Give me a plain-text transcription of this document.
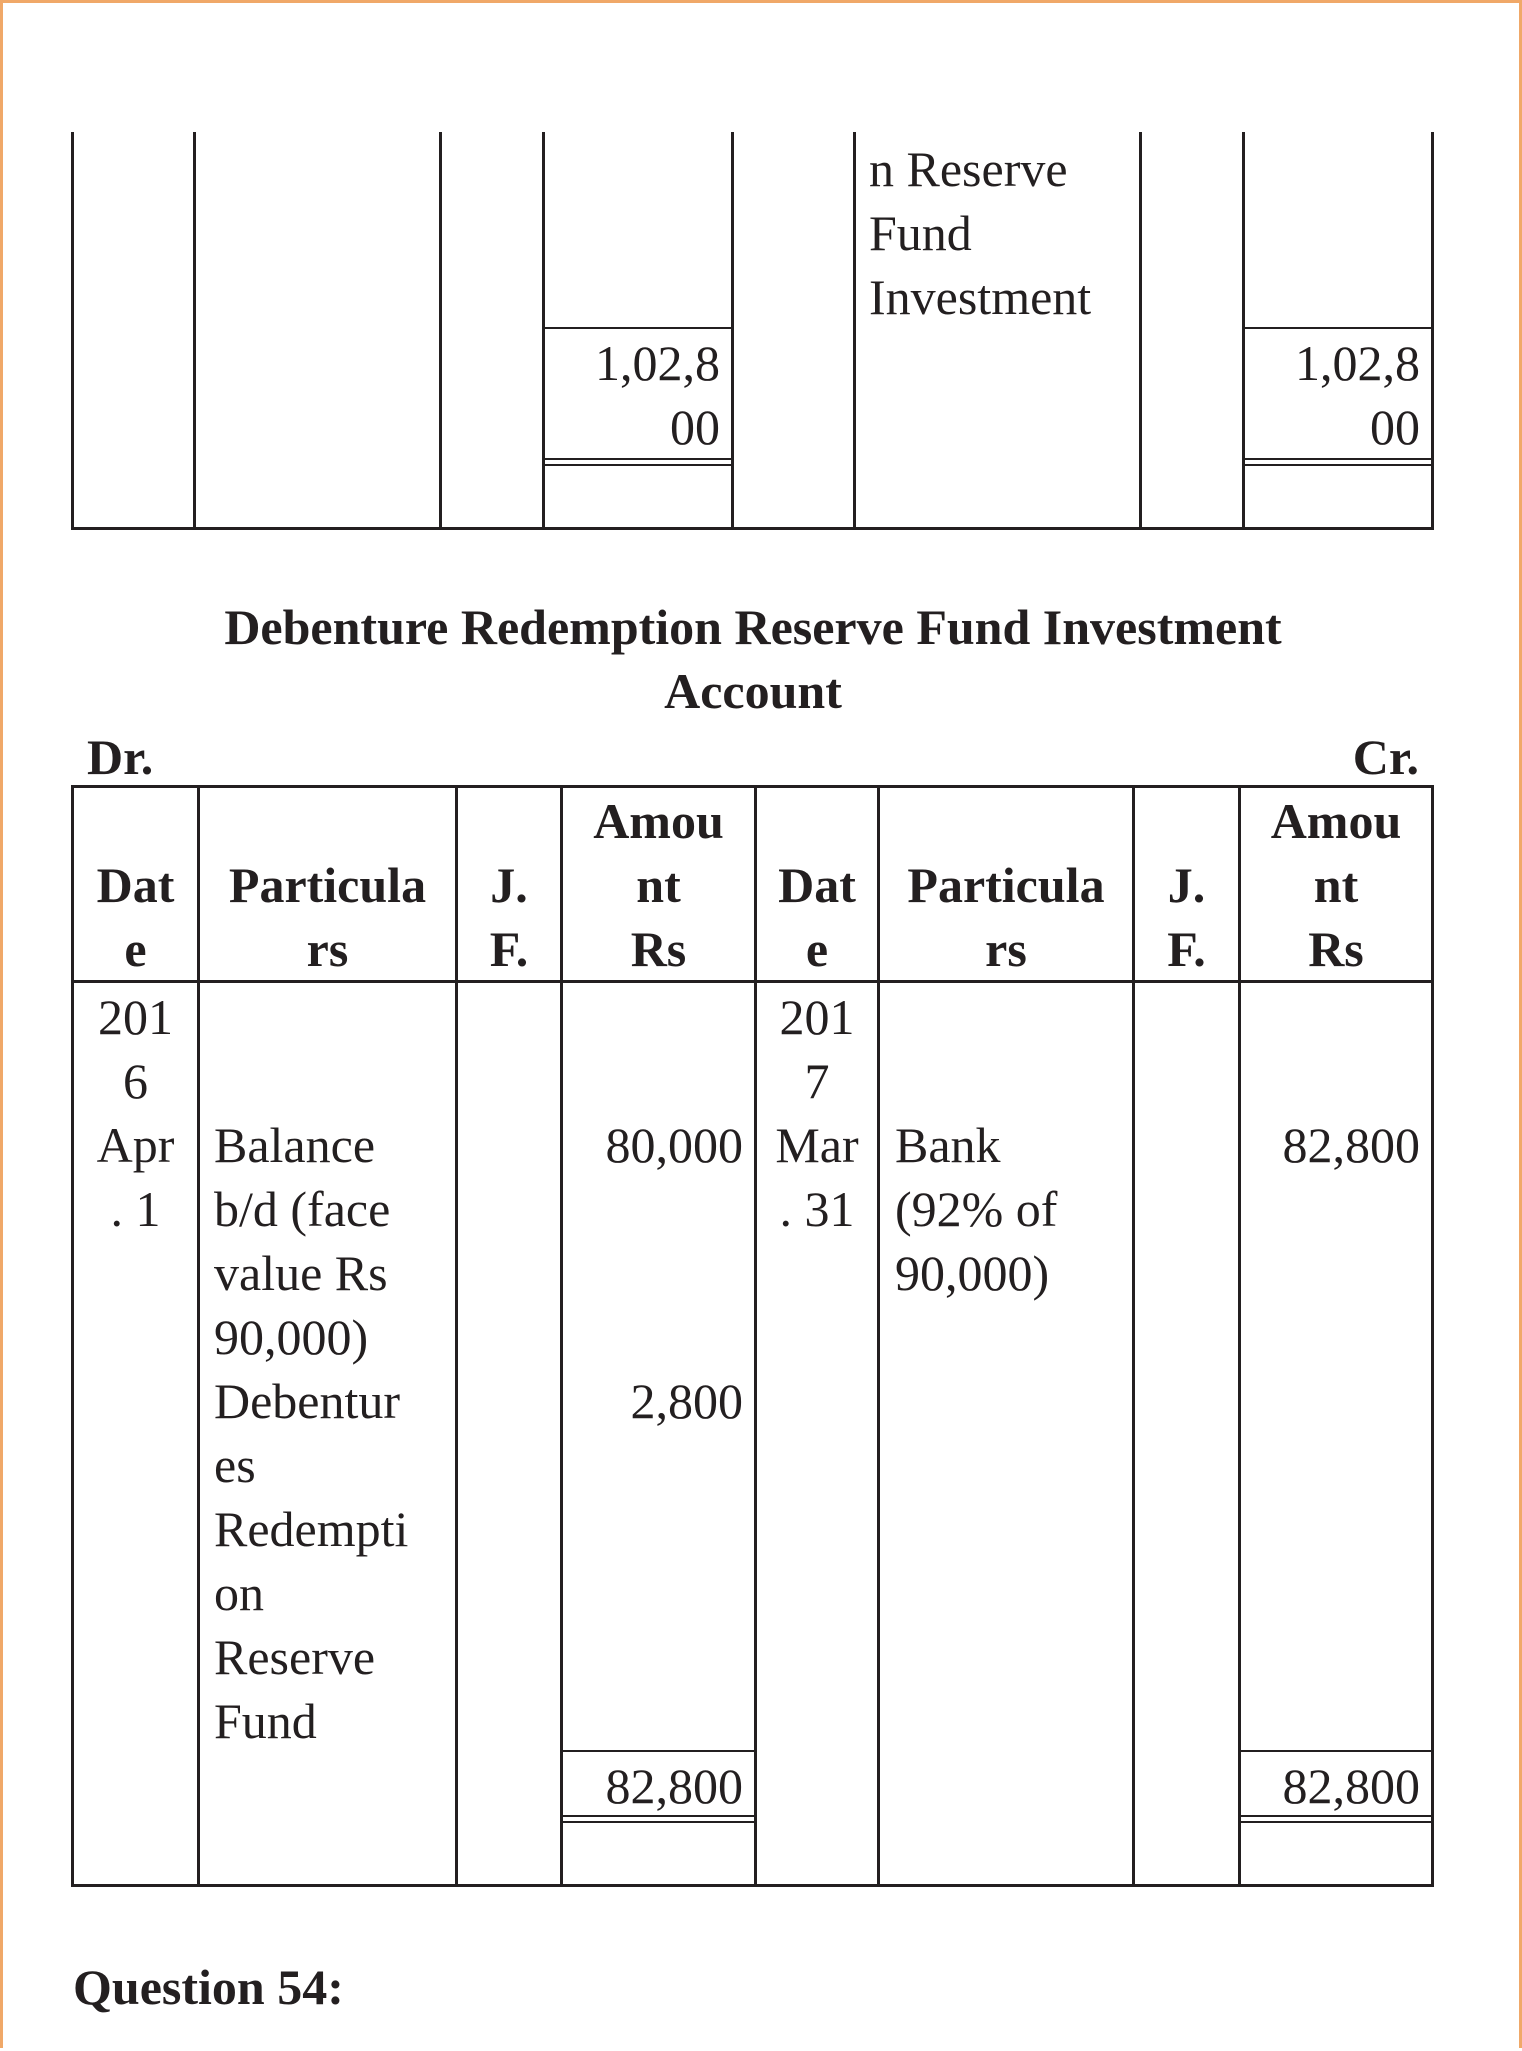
n Reserve
Fund
Investment
1,02,8
00
1,02,8
00
Debenture Redemption Reserve Fund Investment
Account
Dr.	Cr.
Dat
e
Particula
rs
J.
F.
Amou
nt
Rs
Dat
e
Particula
rs
J.
F.
Amou
nt
Rs
201
6
Apr
. 1
Balance
b/d (face
value Rs
90,000)
80,000
Debentur
es
Redempti
on
Reserve
Fund
2,800
82,800
201
7
Mar
. 31
Bank
(92% of
90,000)
82,800
82,800
Question 54:
